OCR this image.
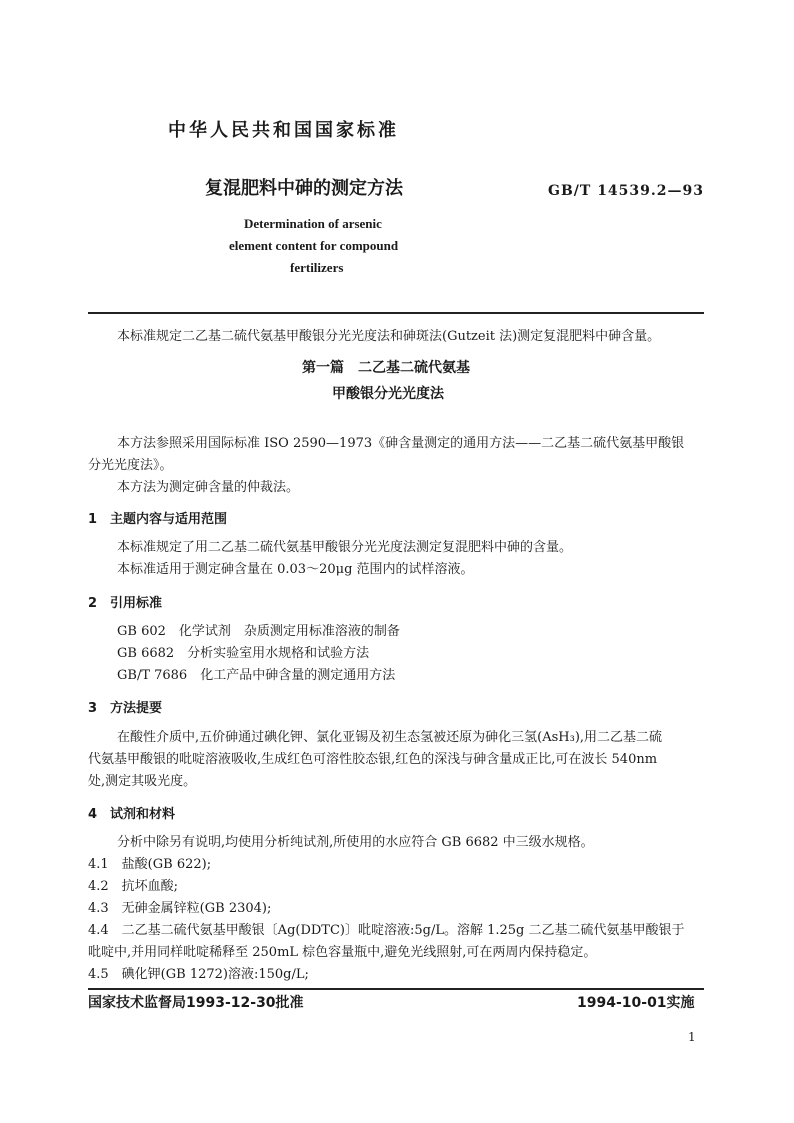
中华人民共和国国家标准
复混肥料中砷的测定方法	GB/T 14539.2—93
Determination of arsenic
element content for compound
fertilizers
本标准规定二乙基二硫代氨基甲酸银分光光度法和砷斑法(Gutzeit 法)测定复混肥料中砷含量。
第一篇　二乙基二硫代氨基
甲酸银分光光度法
本方法参照采用国际标准 ISO 2590—1973《砷含量测定的通用方法——二乙基二硫代氨基甲酸银
分光光度法》。
本方法为测定砷含量的仲裁法。
1　主题内容与适用范围
本标准规定了用二乙基二硫代氨基甲酸银分光光度法测定复混肥料中砷的含量。
本标准适用于测定砷含量在 0.03～20μg 范围内的试样溶液。
2　引用标准
GB 602　化学试剂　杂质测定用标准溶液的制备
GB 6682　分析实验室用水规格和试验方法
GB/T 7686　化工产品中砷含量的测定通用方法
3　方法提要
在酸性介质中,五价砷通过碘化钾、氯化亚锡及初生态氢被还原为砷化三氢(AsH₃),用二乙基二硫
代氨基甲酸银的吡啶溶液吸收,生成红色可溶性胶态银,红色的深浅与砷含量成正比,可在波长 540nm
处,测定其吸光度。
4　试剂和材料
分析中除另有说明,均使用分析纯试剂,所使用的水应符合 GB 6682 中三级水规格。
4.1　盐酸(GB 622);
4.2　抗坏血酸;
4.3　无砷金属锌粒(GB 2304);
4.4　二乙基二硫代氨基甲酸银〔Ag(DDTC)〕吡啶溶液:5g/L。溶解 1.25g 二乙基二硫代氨基甲酸银于
吡啶中,并用同样吡啶稀释至 250mL 棕色容量瓶中,避免光线照射,可在两周内保持稳定。
4.5　碘化钾(GB 1272)溶液:150g/L;
国家技术监督局1993-12-30批准	1994-10-01实施
1
